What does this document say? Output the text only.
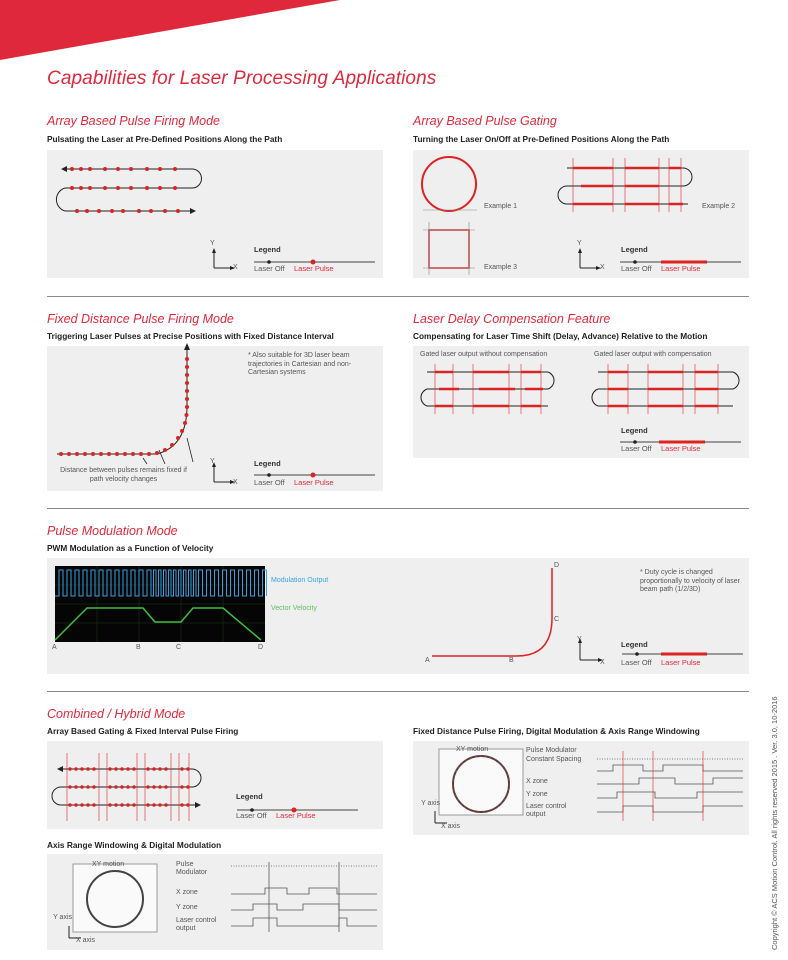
Capabilities for Laser Processing Applications
Array Based Pulse Firing Mode
Pulsating the Laser at Pre-Defined Positions Along the Path
Y
X
Legend
Laser Off Laser Pulse
Array Based Pulse Gating
Turning the Laser On/Off at Pre-Defined Positions Along the Path
Example 1	Example 2
Example 3
Y
X
Legend
Laser Off Laser Pulse
Fixed Distance Pulse Firing Mode
Triggering Laser Pulses at Precise Positions with Fixed Distance Interval
* Also suitable for 3D laser beam trajectories in Cartesian and non-Cartesian systems
Distance between pulses remains fixed if path velocity changes
Y
X
Legend
Laser Off Laser Pulse
Laser Delay Compensation Feature
Compensating for Laser Time Shift (Delay, Advance) Relative to the Motion
Gated laser output without compensation	Gated laser output with compensation
Legend
Laser Off Laser Pulse
Pulse Modulation Mode
PWM Modulation as a Function of Velocity
Modulation Output
Vector Velocity
A	B	C	D
A	B
C
D
* Duty cycle is changed proportionally to velocity of laser beam path (1/2/3D)
Y
X
Legend
Laser Off Laser Pulse
Combined / Hybrid Mode
Array Based Gating & Fixed Interval Pulse Firing
Legend
Laser Off Laser Pulse
Fixed Distance Pulse Firing, Digital Modulation & Axis Range Windowing
XY motion
Y axis
X axis
Pulse Modulator Constant Spacing
X zone
Y zone
Laser control output
Axis Range Windowing & Digital Modulation
XY motion	Pulse Modulator
X zone
Y zone
Laser control output
Y axis
X axis	Copyright © ACS Motion Control. All rights reserved 2015 . Ver. 3.0, 10-2016
